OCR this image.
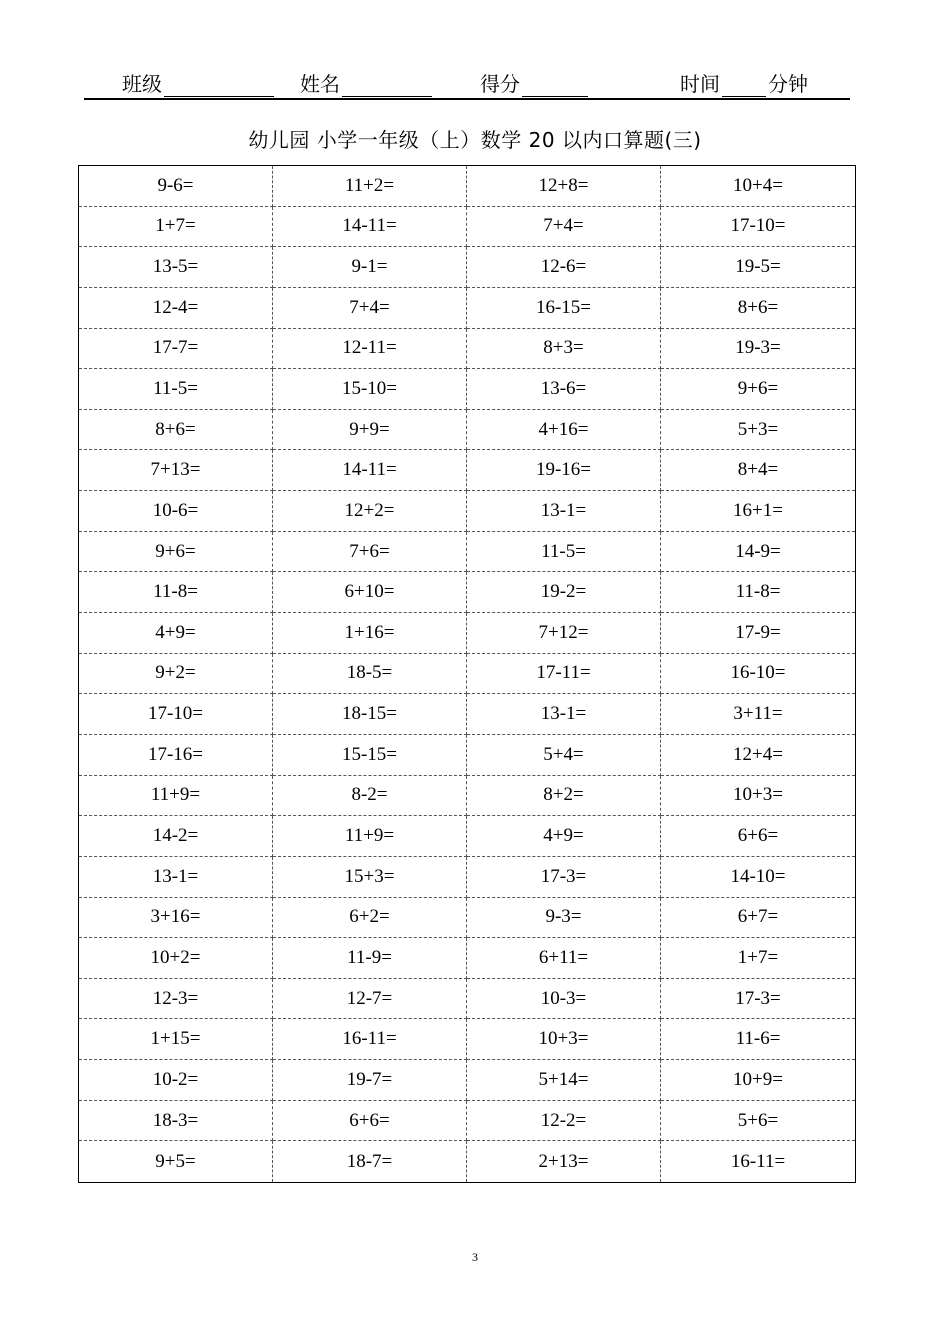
班级	姓名	得分	时间 分钟
幼儿园 小学一年级（上）数学 20 以内口算题(三)
9-6=	11+2=	12+8=	10+4=
1+7=	14-11=	7+4=	17-10=
13-5=	9-1=	12-6=	19-5=
12-4=	7+4=	16-15=	8+6=
17-7=	12-11=	8+3=	19-3=
11-5=	15-10=	13-6=	9+6=
8+6=	9+9=	4+16=	5+3=
7+13=	14-11=	19-16=	8+4=
10-6=	12+2=	13-1=	16+1=
9+6=	7+6=	11-5=	14-9=
11-8=	6+10=	19-2=	11-8=
4+9=	1+16=	7+12=	17-9=
9+2=	18-5=	17-11=	16-10=
17-10=	18-15=	13-1=	3+11=
17-16=	15-15=	5+4=	12+4=
11+9=	8-2=	8+2=	10+3=
14-2=	11+9=	4+9=	6+6=
13-1=	15+3=	17-3=	14-10=
3+16=	6+2=	9-3=	6+7=
10+2=	11-9=	6+11=	1+7=
12-3=	12-7=	10-3=	17-3=
1+15=	16-11=	10+3=	11-6=
10-2=	19-7=	5+14=	10+9=
18-3=	6+6=	12-2=	5+6=
9+5=	18-7=	2+13=	16-11=
3
